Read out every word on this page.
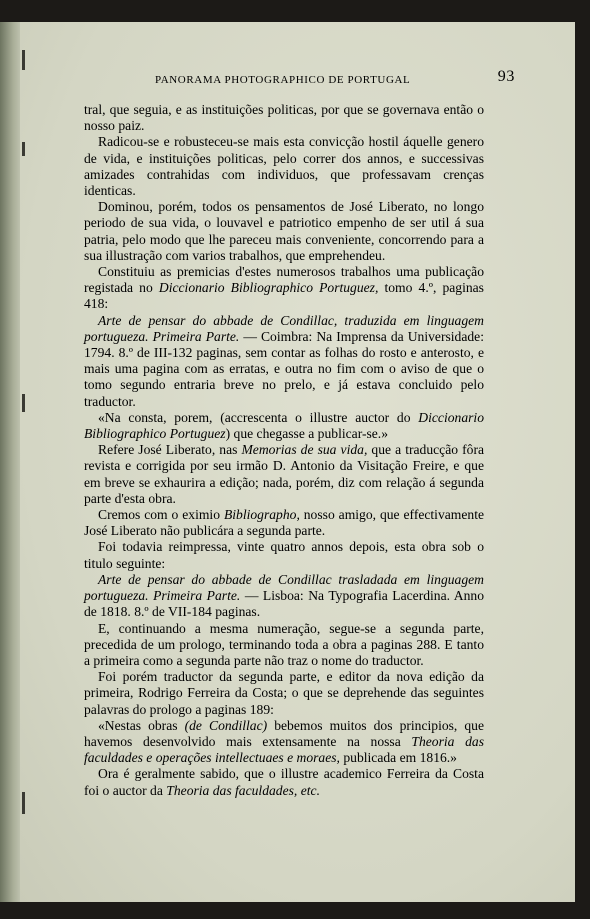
PANORAMA PHOTOGRAPHICO DE PORTUGAL	93

tral, que seguia, e as instituições politicas, por que se governava então o nosso paiz.

Radicou-se e robusteceu-se mais esta convicção hostil áquelle genero de vida, e instituições politicas, pelo correr dos annos, e successivas amizades contrahidas com individuos, que professavam crenças identicas.

Dominou, porém, todos os pensamentos de José Liberato, no longo periodo de sua vida, o louvavel e patriotico empenho de ser util á sua patria, pelo modo que lhe pareceu mais conveniente, concorrendo para a sua illustração com varios trabalhos, que emprehendeu.

Constituiu as premicias d'estes numerosos trabalhos uma publicação registada no Diccionario Bibliographico Portuguez, tomo 4.º, paginas 418:

Arte de pensar do abbade de Condillac, traduzida em linguagem portugueza. Primeira Parte. — Coimbra: Na Imprensa da Universidade: 1794. 8.º de III-132 paginas, sem contar as folhas do rosto e anterosto, e mais uma pagina com as erratas, e outra no fim com o aviso de que o tomo segundo entraria breve no prelo, e já estava concluido pelo traductor.

«Na consta, porem, (accrescenta o illustre auctor do Diccionario Bibliographico Portuguez) que chegasse a publicar-se.»

Refere José Liberato, nas Memorias de sua vida, que a traducção fôra revista e corrigida por seu irmão D. Antonio da Visitação Freire, e que em breve se exhaurira a edição; nada, porém, diz com relação á segunda parte d'esta obra.

Cremos com o eximio Bibliographo, nosso amigo, que effectivamente José Liberato não publicára a segunda parte.

Foi todavia reimpressa, vinte quatro annos depois, esta obra sob o titulo seguinte:

Arte de pensar do abbade de Condillac trasladada em linguagem portugueza. Primeira Parte. — Lisboa: Na Typografia Lacerdina. Anno de 1818. 8.º de VII-184 paginas.

E, continuando a mesma numeração, segue-se a segunda parte, precedida de um prologo, terminando toda a obra a paginas 288. E tanto a primeira como a segunda parte não traz o nome do traductor.

Foi porém traductor da segunda parte, e editor da nova edição da primeira, Rodrigo Ferreira da Costa; o que se deprehende das seguintes palavras do prologo a paginas 189:

«Nestas obras (de Condillac) bebemos muitos dos principios, que havemos desenvolvido mais extensamente na nossa Theoria das faculdades e operações intellectuaes e moraes, publicada em 1816.»

Ora é geralmente sabido, que o illustre academico Ferreira da Costa foi o auctor da Theoria das faculdades, etc.
